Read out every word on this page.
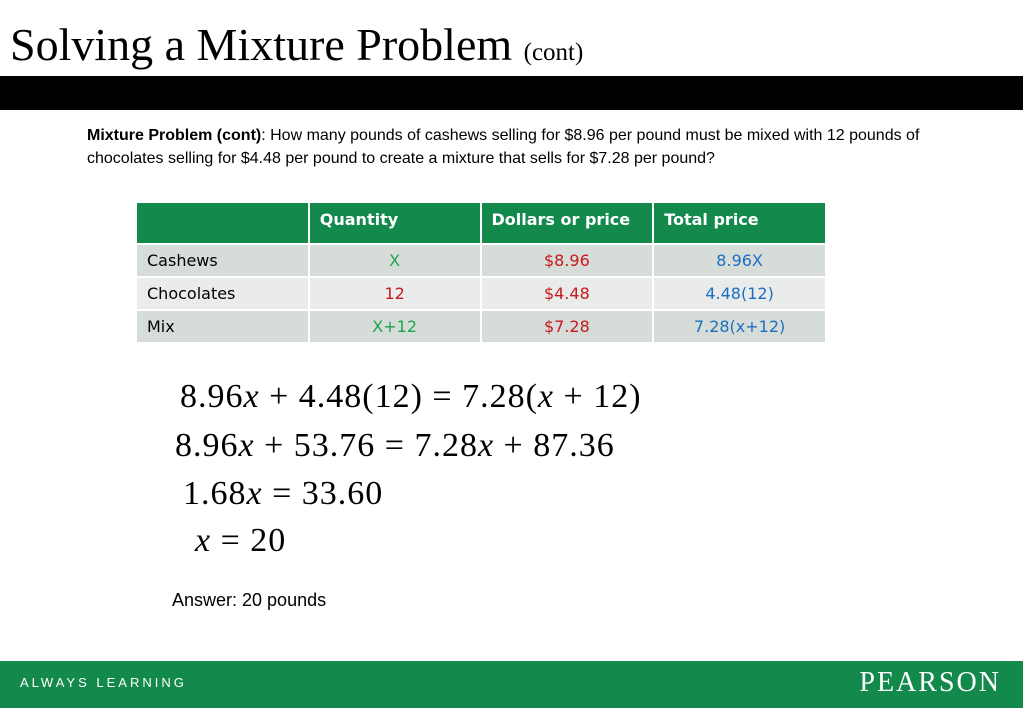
Solving a Mixture Problem (cont)
Mixture Problem (cont): How many pounds of cashews selling for $8.96 per pound must be mixed with 12 pounds of chocolates selling for $4.48 per pound to create a mixture that sells for $7.28 per pound?
	Quantity	Dollars or price	Total price
Cashews	X	$8.96	8.96X
Chocolates	12	$4.48	4.48(12)
Mix	X+12	$7.28	7.28(x+12)
8.96x + 4.48(12) = 7.28(x + 12)
8.96x + 53.76 = 7.28x + 87.36
1.68x = 33.60
x = 20
Answer: 20 pounds
ALWAYS LEARNING	PEARSON
